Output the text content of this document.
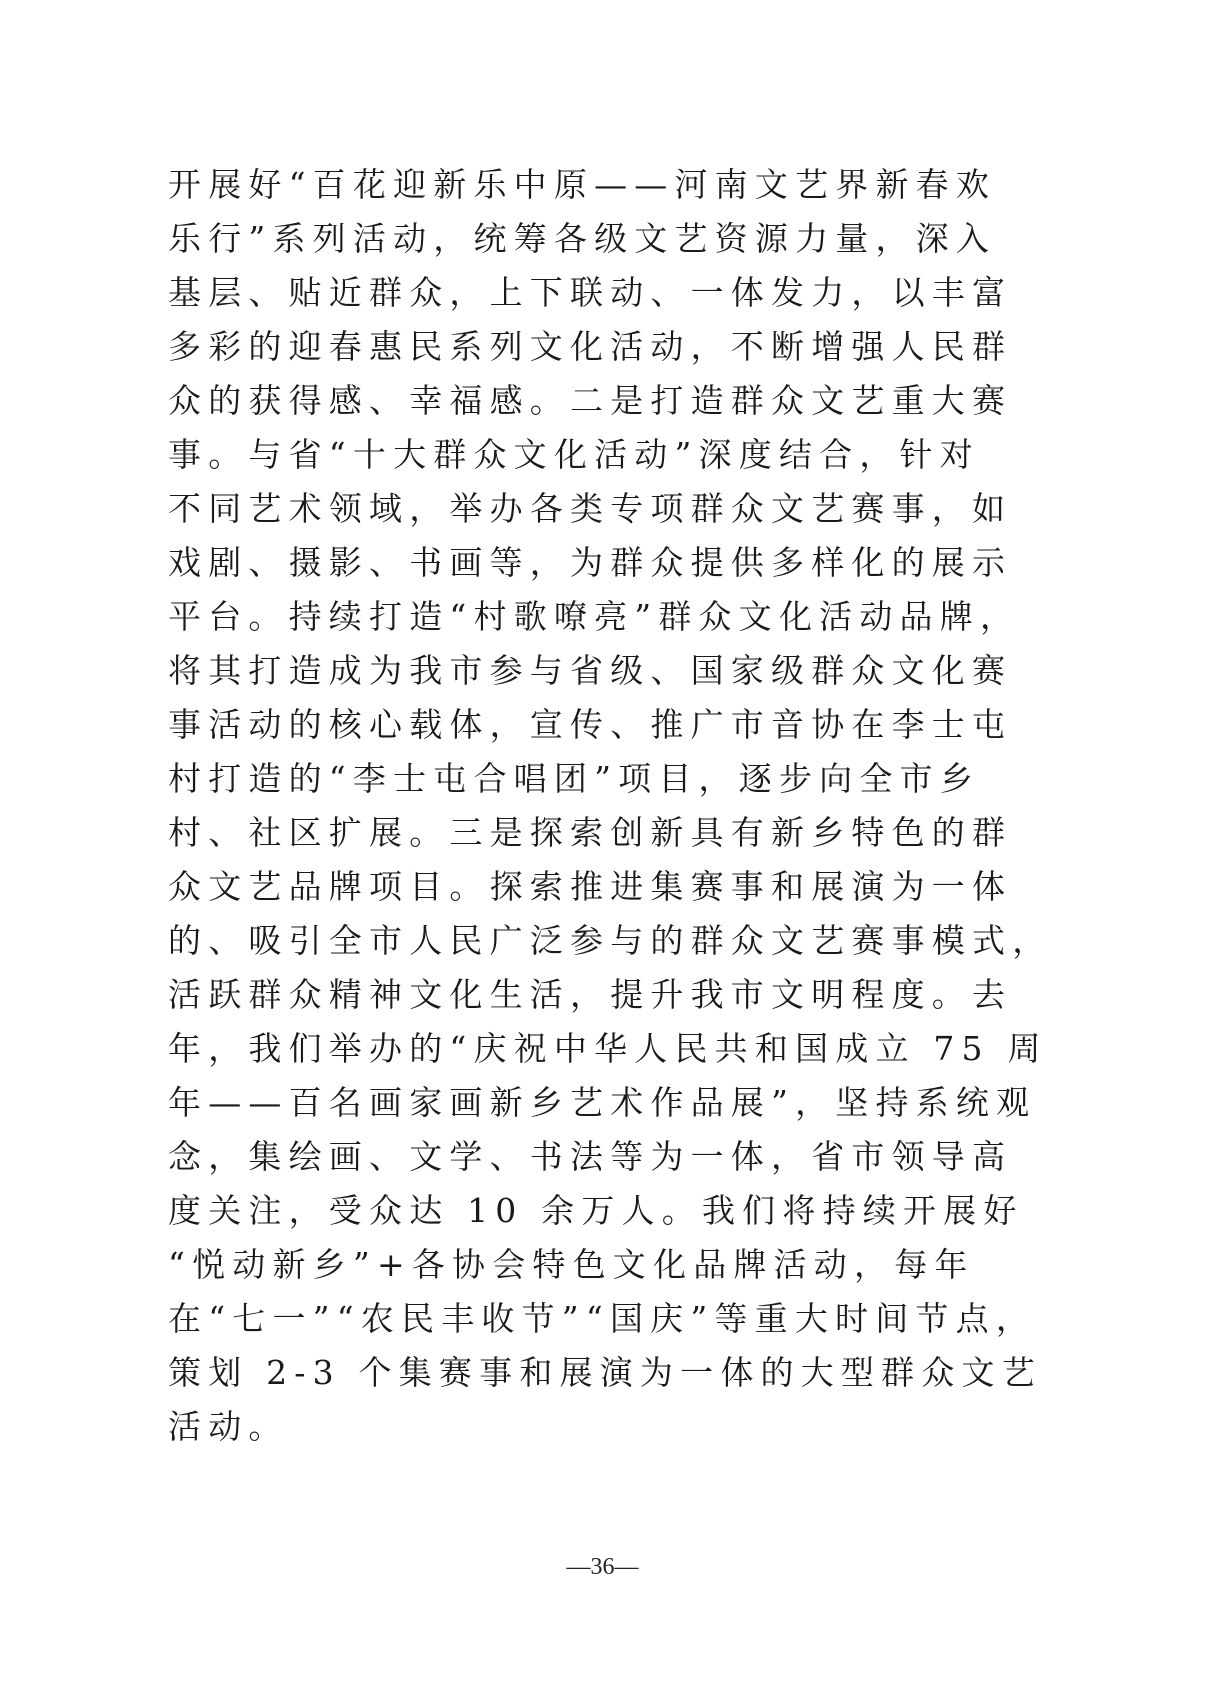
开展好“百花迎新乐中原——河南文艺界新春欢
乐行”系列活动，统筹各级文艺资源力量，深入
基层、贴近群众，上下联动、一体发力，以丰富
多彩的迎春惠民系列文化活动，不断增强人民群
众的获得感、幸福感。二是打造群众文艺重大赛
事。与省“十大群众文化活动”深度结合，针对
不同艺术领域，举办各类专项群众文艺赛事，如
戏剧、摄影、书画等，为群众提供多样化的展示
平台。持续打造“村歌嘹亮”群众文化活动品牌，
将其打造成为我市参与省级、国家级群众文化赛
事活动的核心载体，宣传、推广市音协在李士屯
村打造的“李士屯合唱团”项目，逐步向全市乡
村、社区扩展。三是探索创新具有新乡特色的群
众文艺品牌项目。探索推进集赛事和展演为一体
的、吸引全市人民广泛参与的群众文艺赛事模式，
活跃群众精神文化生活，提升我市文明程度。去
年，我们举办的“庆祝中华人民共和国成立 75 周
年——百名画家画新乡艺术作品展”，坚持系统观
念，集绘画、文学、书法等为一体，省市领导高
度关注，受众达 10 余万人。我们将持续开展好
“悦动新乡”+各协会特色文化品牌活动，每年
在“七一”“农民丰收节”“国庆”等重大时间节点，
策划 2-3 个集赛事和展演为一体的大型群众文艺
活动。
—36—
